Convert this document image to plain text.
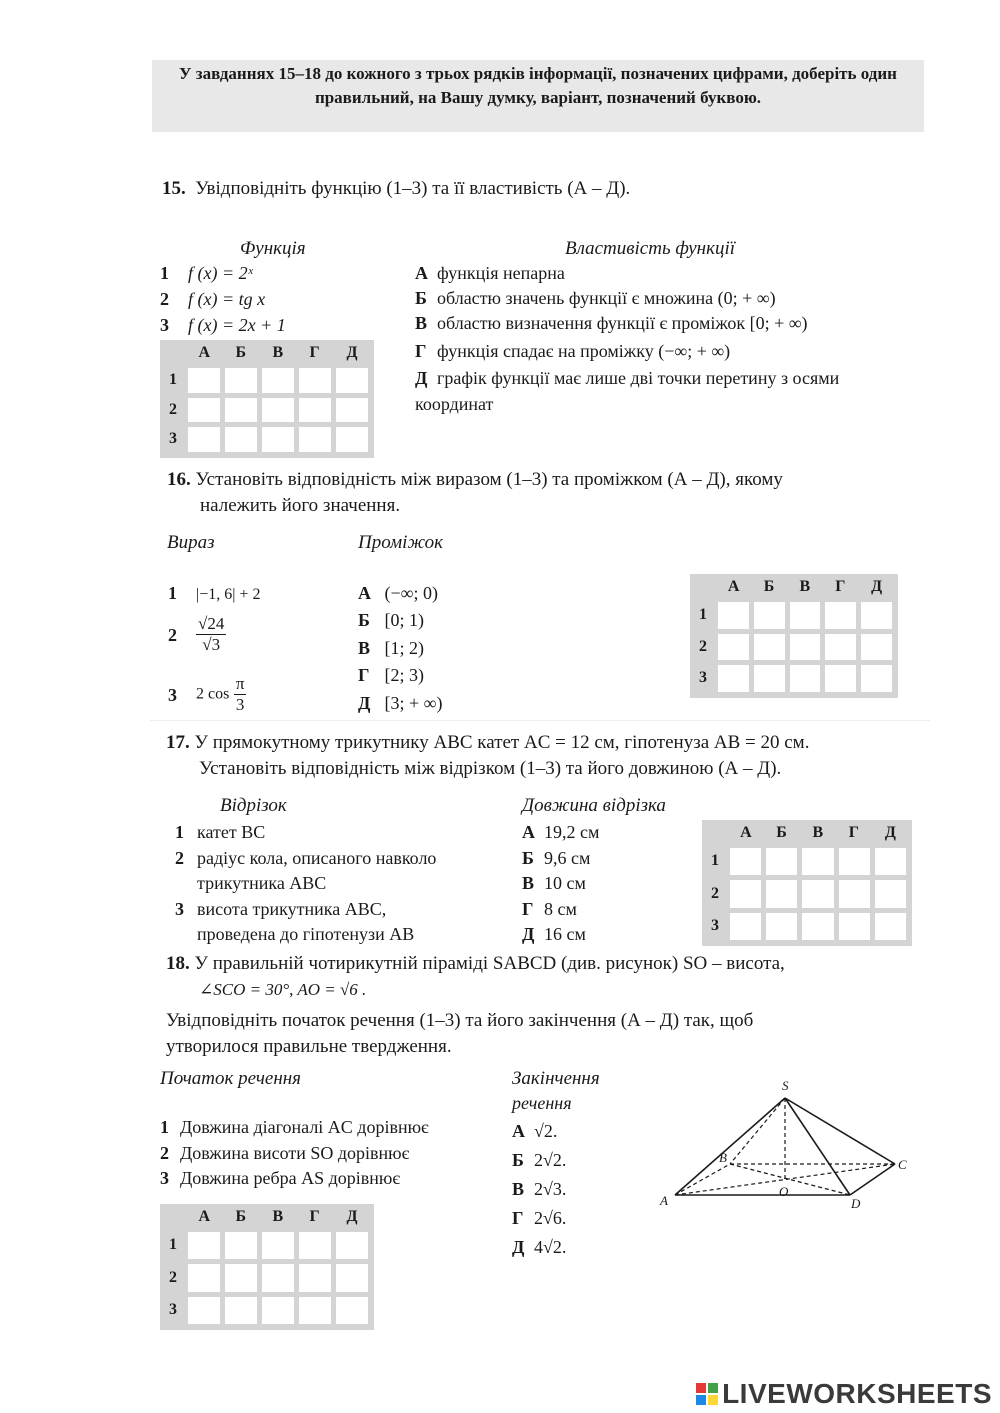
У завданнях 15–18 до кожного з трьох рядків інформації, позначених цифрами, доберіть один правильний, на Вашу думку, варіант, позначений буквою.
15. Увідповідніть функцію (1–3) та її властивість (А – Д).
Функція	Властивість функції
1 f (x) = 2ˣ
2 f (x) = tg x
3 f (x) = 2x + 1
А функція непарна
Б областю значень функції є множина (0; + ∞)
В областю визначення функції є проміжок [0; + ∞)
Г функція спадає на проміжку (−∞; + ∞)
Д графік функції має лише дві точки перетину з осями координат
А Б В Г Д
1
2
3
16. Установіть відповідність між виразом (1–3) та проміжком (А – Д), якому
належить його значення.
Вираз	Проміжок
1 |−1, 6| + 2
$2 \frac{√24}{√3}$
3 2 $\cos \frac{\pi}{3}$
А (−∞; 0)
Б [0; 1)
В [1; 2)
Г [2; 3)
Д [3; + ∞)
А Б В Г Д
1
2
3
17. У прямокутному трикутнику ABC катет AC = 12 см, гіпотенуза AB = 20 см.
Установіть відповідність між відрізком (1–3) та його довжиною (А – Д).
Відрізок	Довжина відрізка
1 катет BC
2 радіус кола, описаного навколо
трикутника ABC
3 висота трикутника ABC,
проведена до гіпотенузи AB
А 19,2 см
Б 9,6 см
В 10 см
Г 8 см
Д 16 см
А Б В Г Д
1
2
3
18. У правильній чотирикутній піраміді SABCD (див. рисунок) SO – висота,
∠SCO = 30°, AO = √6 .
Увідповідніть початок речення (1–3) та його закінчення (А – Д) так, щоб
утворилося правильне твердження.
Початок речення	Закінчення
речення
1 Довжина діагоналі AC дорівнює
2 Довжина висоти SO дорівнює
3 Довжина ребра AS дорівнює
А √2.
Б 2√2.
В 2√3.
Г 2√6.
Д 4√2.
А Б В Г Д
1
2
3
S
B	C
O
A	D
LIVEWORKSHEETS
